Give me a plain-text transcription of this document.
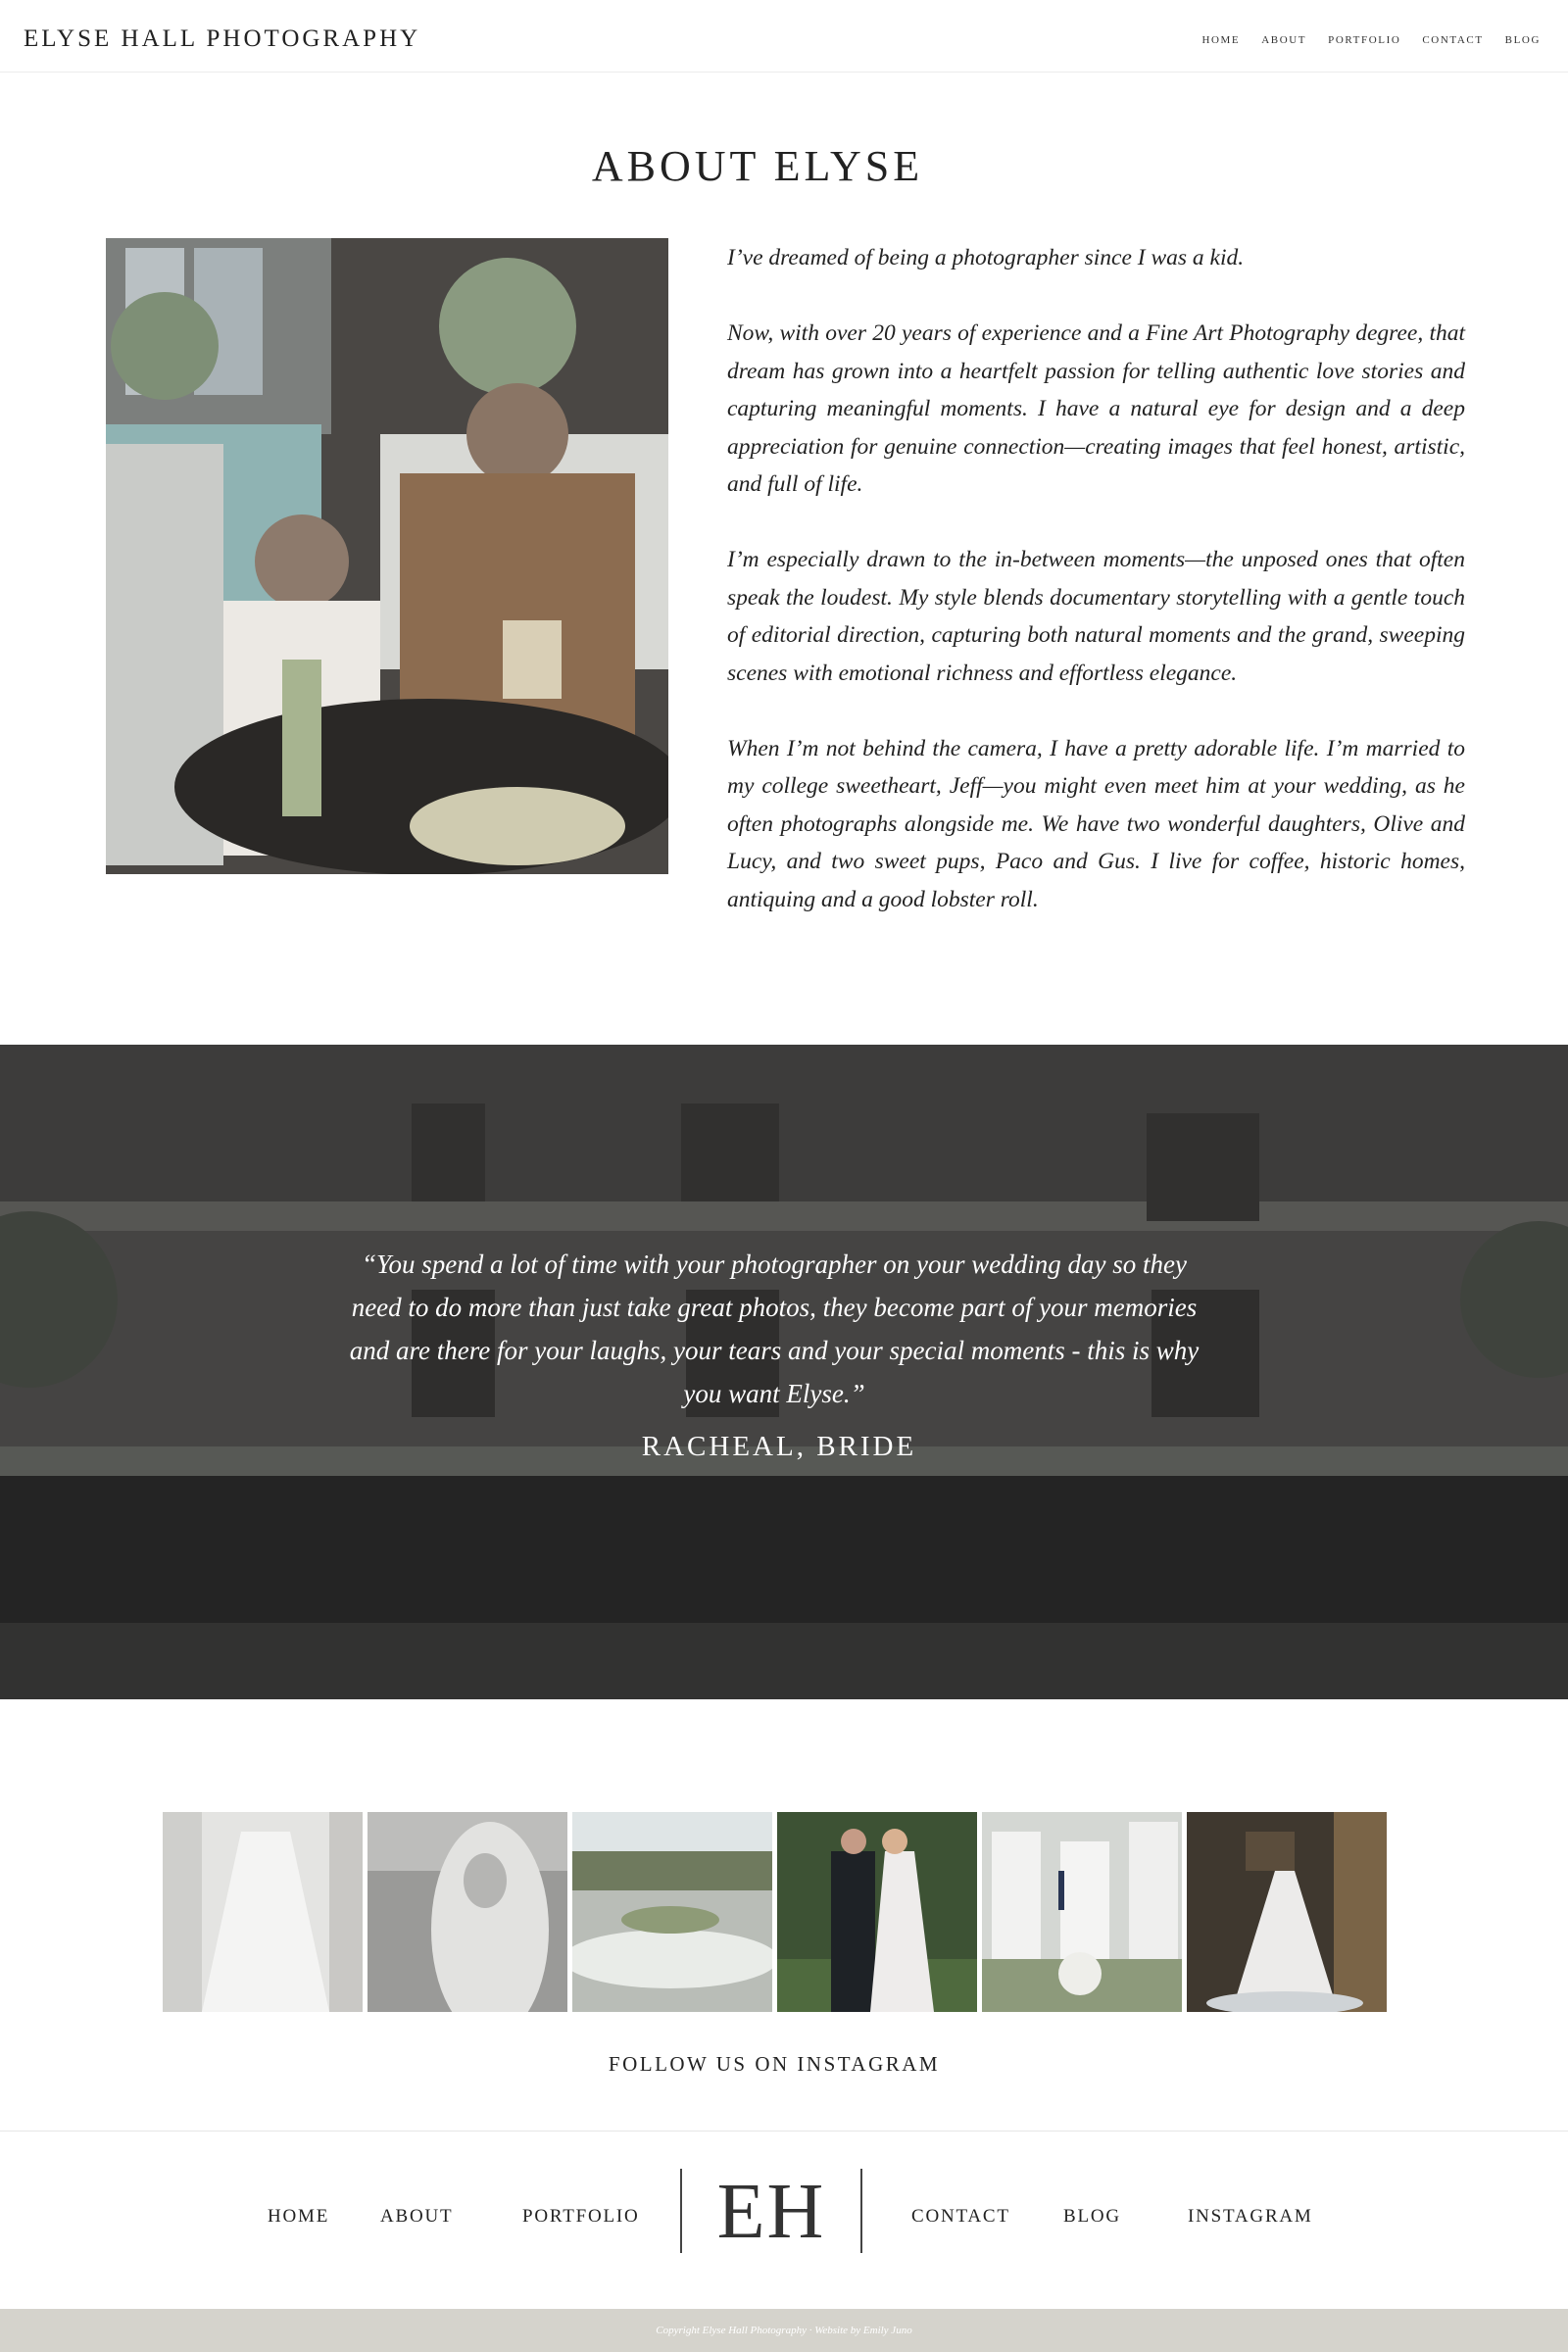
ELYSE HALL PHOTOGRAPHY	HOME ABOUT PORTFOLIO CONTACT BLOG
ABOUT ELYSE

I’ve dreamed of being a photographer since I was a kid.

Now, with over 20 years of experience and a Fine Art Photography degree, that dream has grown into a heartfelt passion for telling authentic love stories and capturing meaningful moments. I have a natural eye for design and a deep appreciation for genuine connection—creating images that feel honest, artistic, and full of life.

I’m especially drawn to the in-between moments—the unposed ones that often speak the loudest. My style blends documentary storytelling with a gentle touch of editorial direction, capturing both natural moments and the grand, sweeping scenes with emotional richness and effortless elegance.

When I’m not behind the camera, I have a pretty adorable life. I’m married to my college sweetheart, Jeff—you might even meet him at your wedding, as he often photographs alongside me. We have two wonderful daughters, Olive and Lucy, and two sweet pups, Paco and Gus. I live for coffee, historic homes, antiquing and a good lobster roll.

“You spend a lot of time with your photographer on your wedding day so they need to do more than just take great photos, they become part of your memories and are there for your laughs, your tears and your special moments - this is why you want Elyse.”

RACHEAL, BRIDE

FOLLOW US ON INSTAGRAM
HOME	ABOUT	PORTFOLIO EH	CONTACT	BLOG	INSTAGRAM
Copyright Elyse Hall Photography · Website by Emily Juno
